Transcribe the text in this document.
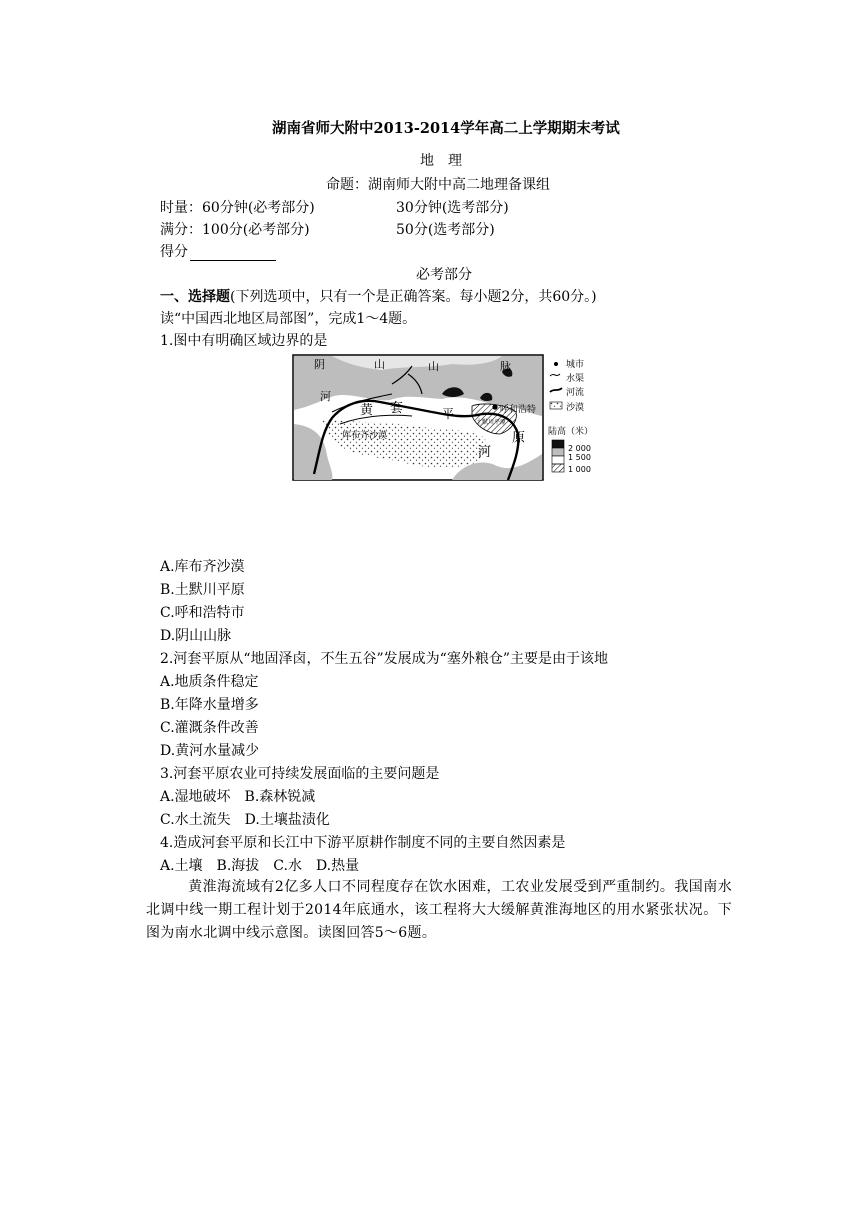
湖南省师大附中2013-2014学年高二上学期期末考试
地　理
命题：湖南师大附中高二地理备课组
时量：60分钟(必考部分)	30分钟(选考部分)
满分：100分(必考部分)	50分(选考部分)
得分
必考部分
一、选择题(下列选项中，只有一个是正确答案。每小题2分，共60分。)
读“中国西北地区局部图”，完成1～4题。
1.图中有明确区域边界的是
阴	山	山	脉
河
黄 套	平
原
河
呼和浩特
库布齐沙漠
土默川平原
城市
水渠
河流
沙漠
陆高（米）
2 000
1 500
1 000
A.库布齐沙漠
B.土默川平原
C.呼和浩特市
D.阴山山脉
2.河套平原从“地固泽卤，不生五谷”发展成为“塞外粮仓”主要是由于该地
A.地质条件稳定
B.年降水量增多
C.灌溉条件改善
D.黄河水量减少
3.河套平原农业可持续发展面临的主要问题是
A.湿地破坏　B.森林锐减
C.水土流失　D.土壤盐渍化
4.造成河套平原和长江中下游平原耕作制度不同的主要自然因素是
A.土壤　B.海拔　C.水　D.热量
黄淮海流域有2亿多人口不同程度存在饮水困难，工农业发展受到严重制约。我国南水北调中线一期工程计划于2014年底通水，该工程将大大缓解黄淮海地区的用水紧张状况。下图为南水北调中线示意图。读图回答5～6题。
